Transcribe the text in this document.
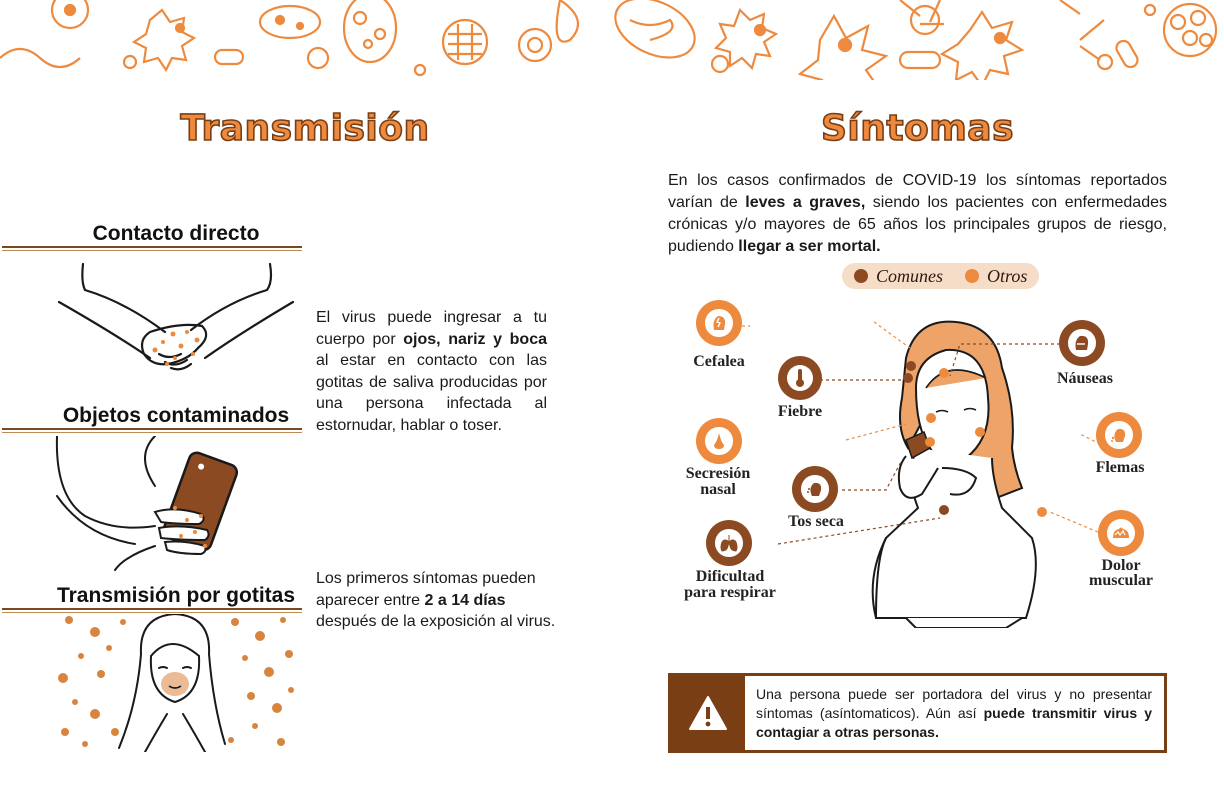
Transmisión
Contacto directo
El virus puede ingresar a tu cuerpo por ojos, nariz y boca al estar en contacto con las gotitas de saliva producidas por una persona infectada al estornudar, hablar o toser.
Objetos contaminados
Los primeros síntomas pueden aparecer entre 2 a 14 días después de la exposición al virus.
Transmisión por gotitas
Síntomas
En los casos confirmados de COVID-19 los síntomas reportados varían de leves a graves, siendo los pacientes con enfermedades crónicas y/o mayores de 65 años los principales grupos de riesgo, pudiendo llegar a ser mortal.
Comunes Otros
Cefalea
Fiebre
Secresión
nasal
Tos seca
Dificultad
para respirar
Náuseas
Flemas
Dolor
muscular
Una persona puede ser portadora del virus y no presentar síntomas (asíntomaticos). Aún así puede transmitir virus y contagiar a otras personas.
